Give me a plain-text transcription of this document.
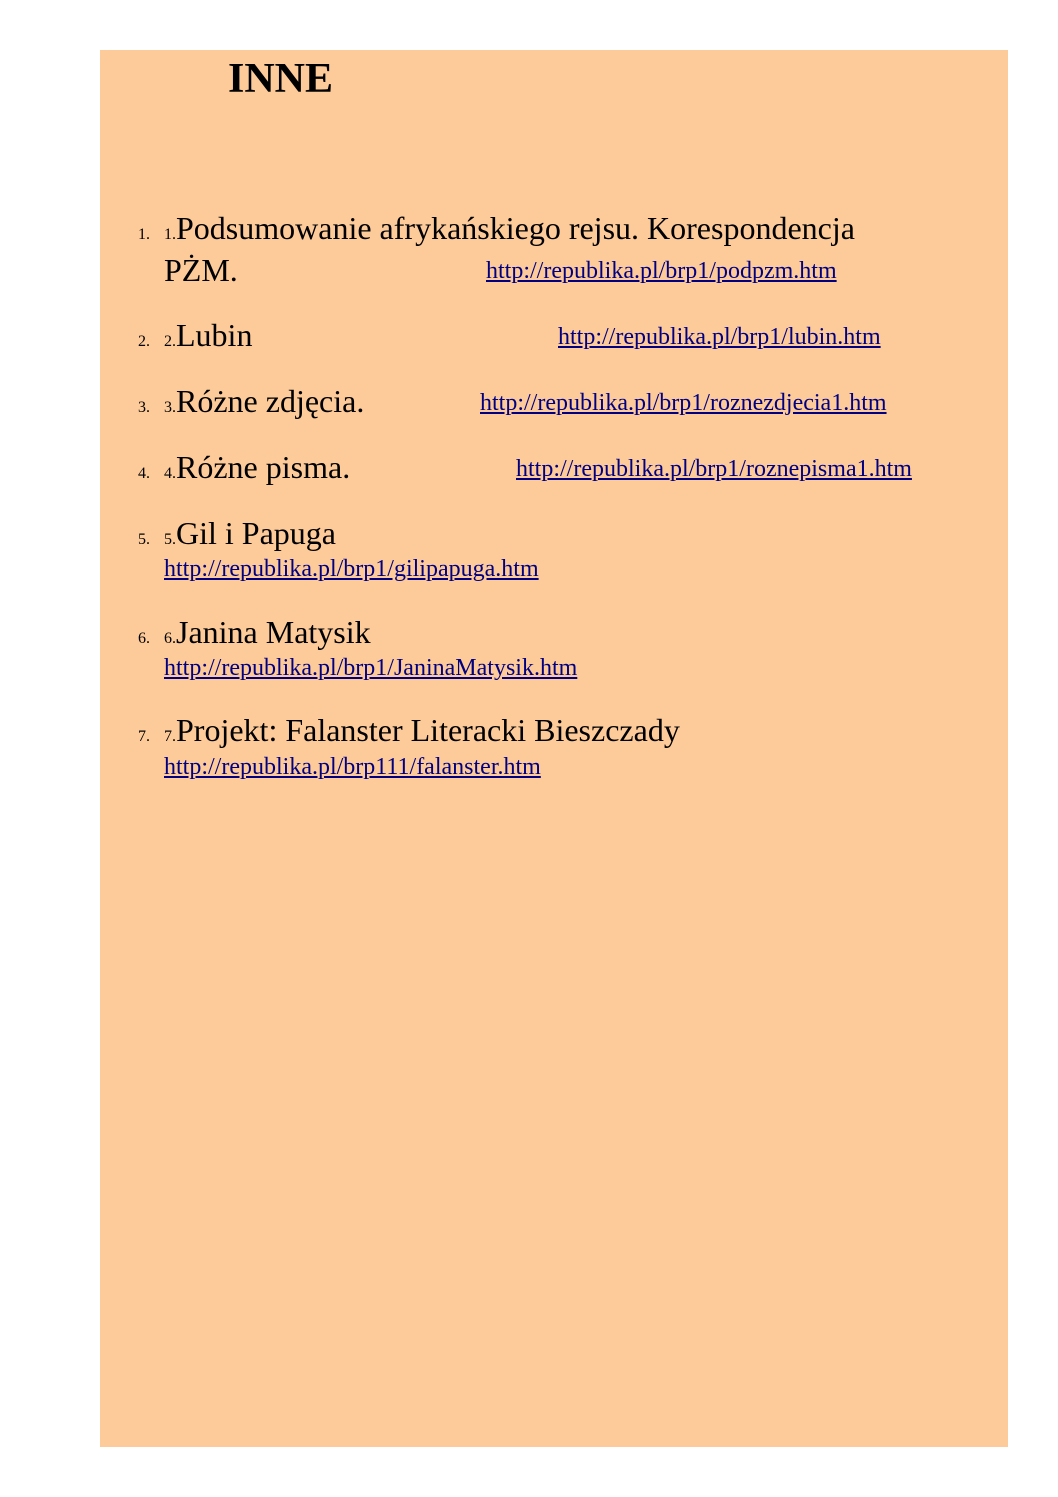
INNE
1. 1.Podsumowanie afrykańskiego rejsu. Korespondencja
PŻM.	http://republika.pl/brp1/podpzm.htm
2. 2.Lubin	http://republika.pl/brp1/lubin.htm
3. 3.Różne zdjęcia.	http://republika.pl/brp1/roznezdjecia1.htm
4. 4.Różne pisma.	http://republika.pl/brp1/roznepisma1.htm
5. 5.Gil i Papuga
http://republika.pl/brp1/gilipapuga.htm
6. 6.Janina Matysik
http://republika.pl/brp1/JaninaMatysik.htm
7. 7.Projekt: Falanster Literacki Bieszczady
http://republika.pl/brp111/falanster.htm
